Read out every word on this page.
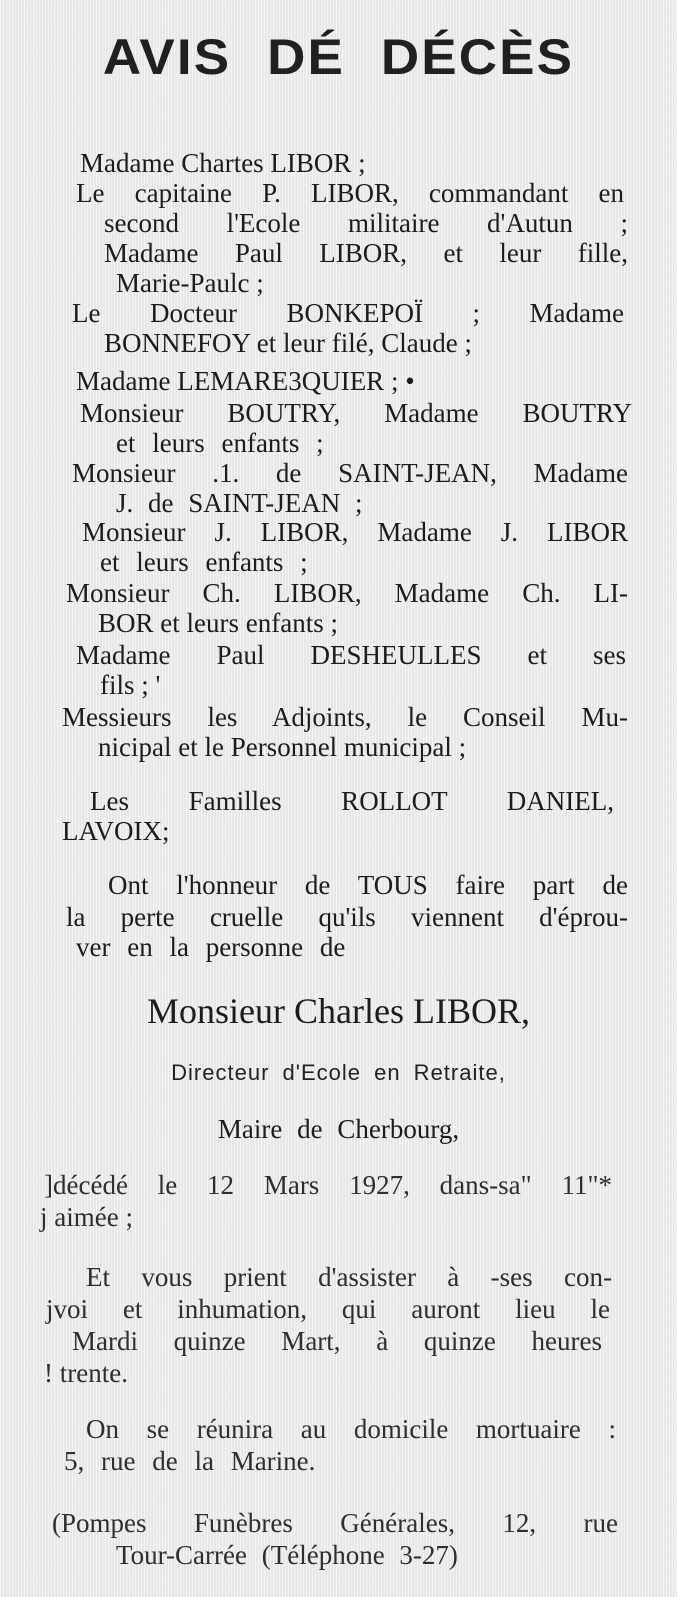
AVIS DÉ DÉCÈS
Madame Chartes LIBOR ;
Le capitaine P. LIBOR, commandant en
second l'Ecole militaire d'Autun ;
Madame Paul LIBOR, et leur fille,
Marie-Paulc ;
Le Docteur BONKEPOÏ ; Madame
BONNEFOY et leur filé, Claude ;
Madame LEMARE3QUIER ; •
Monsieur BOUTRY, Madame BOUTRY
et leurs enfants ;
Monsieur .1. de SAINT-JEAN, Madame
J. de SAINT-JEAN ;
Monsieur J. LIBOR, Madame J. LIBOR
et leurs enfants ;
Monsieur Ch. LIBOR, Madame Ch. LI-
BOR et leurs enfants ;
Madame Paul DESHEULLES et ses
fils ; '
Messieurs les Adjoints, le Conseil Mu-
nicipal et le Personnel municipal ;
Les Familles ROLLOT DANIEL,
LAVOIX;
Ont l'honneur de TOUS faire part de
la perte cruelle qu'ils viennent d'éprou-
ver en la personne de
Monsieur Charles LIBOR,
Directeur d'Ecole en Retraite,
Maire de Cherbourg,
]décédé le 12 Mars 1927, dans-sa" 11"*
j aimée ;
Et vous prient d'assister à -ses con-
jvoi et inhumation, qui auront lieu le
Mardi quinze Mart, à quinze heures
! trente.
On se réunira au domicile mortuaire :
5, rue de la Marine.
(Pompes Funèbres Générales, 12, rue
Tour-Carrée (Téléphone 3-27)
